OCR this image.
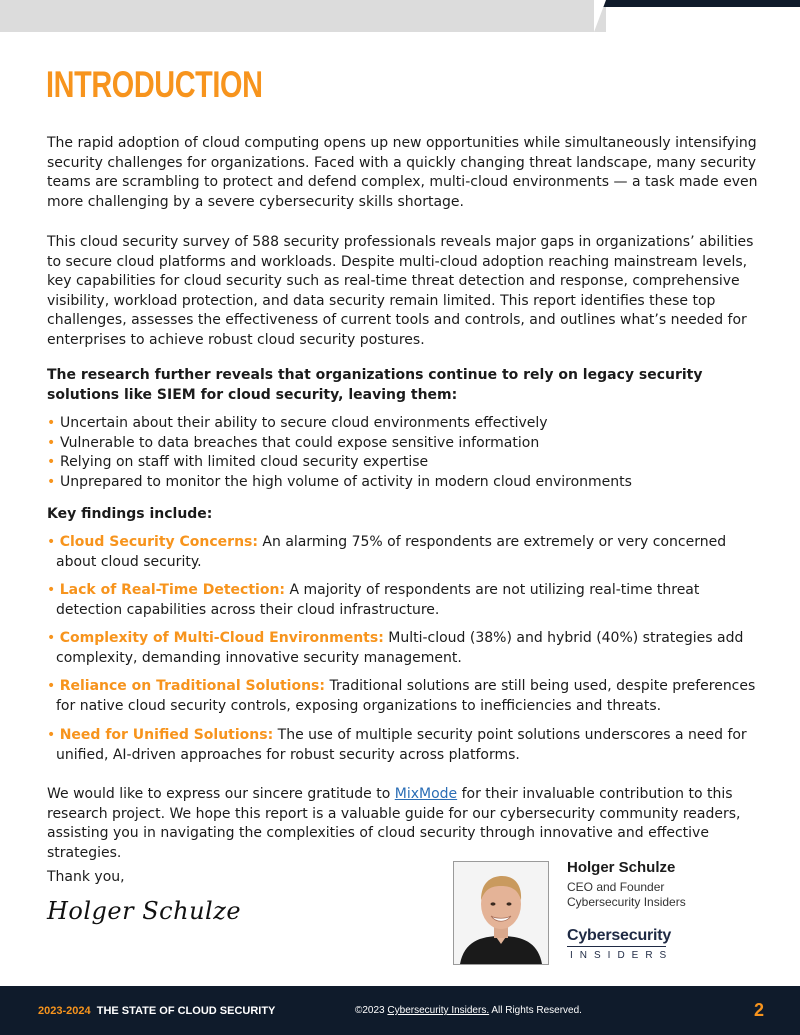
INTRODUCTION

The rapid adoption of cloud computing opens up new opportunities while simultaneously intensifying security challenges for organizations. Faced with a quickly changing threat landscape, many security teams are scrambling to protect and defend complex, multi-cloud environments — a task made even more challenging by a severe cybersecurity skills shortage.

This cloud security survey of 588 security professionals reveals major gaps in organizations’ abilities to secure cloud platforms and workloads. Despite multi-cloud adoption reaching mainstream levels, key capabilities for cloud security such as real-time threat detection and response, comprehensive visibility, workload protection, and data security remain limited. This report identifies these top challenges, assesses the effectiveness of current tools and controls, and outlines what’s needed for enterprises to achieve robust cloud security postures.

The research further reveals that organizations continue to rely on legacy security solutions like SIEM for cloud security, leaving them:

• Uncertain about their ability to secure cloud environments effectively
• Vulnerable to data breaches that could expose sensitive information
• Relying on staff with limited cloud security expertise
• Unprepared to monitor the high volume of activity in modern cloud environments

Key findings include:

• Cloud Security Concerns: An alarming 75% of respondents are extremely or very concerned about cloud security.

• Lack of Real-Time Detection: A majority of respondents are not utilizing real-time threat detection capabilities across their cloud infrastructure.

• Complexity of Multi-Cloud Environments: Multi-cloud (38%) and hybrid (40%) strategies add complexity, demanding innovative security management.

• Reliance on Traditional Solutions: Traditional solutions are still being used, despite preferences for native cloud security controls, exposing organizations to inefficiencies and threats.

• Need for Unified Solutions: The use of multiple security point solutions underscores a need for unified, AI-driven approaches for robust security across platforms.

We would like to express our sincere gratitude to MixMode for their invaluable contribution to this research project. We hope this report is a valuable guide for our cybersecurity community readers, assisting you in navigating the complexities of cloud security through innovative and effective strategies.

Thank you,
Holger Schulze
Holger Schulze
CEO and Founder
Cybersecurity Insiders
Cybersecurity
INSIDERS
2023-2024 THE STATE OF CLOUD SECURITY	©2023 Cybersecurity Insiders. All Rights Reserved.	2
